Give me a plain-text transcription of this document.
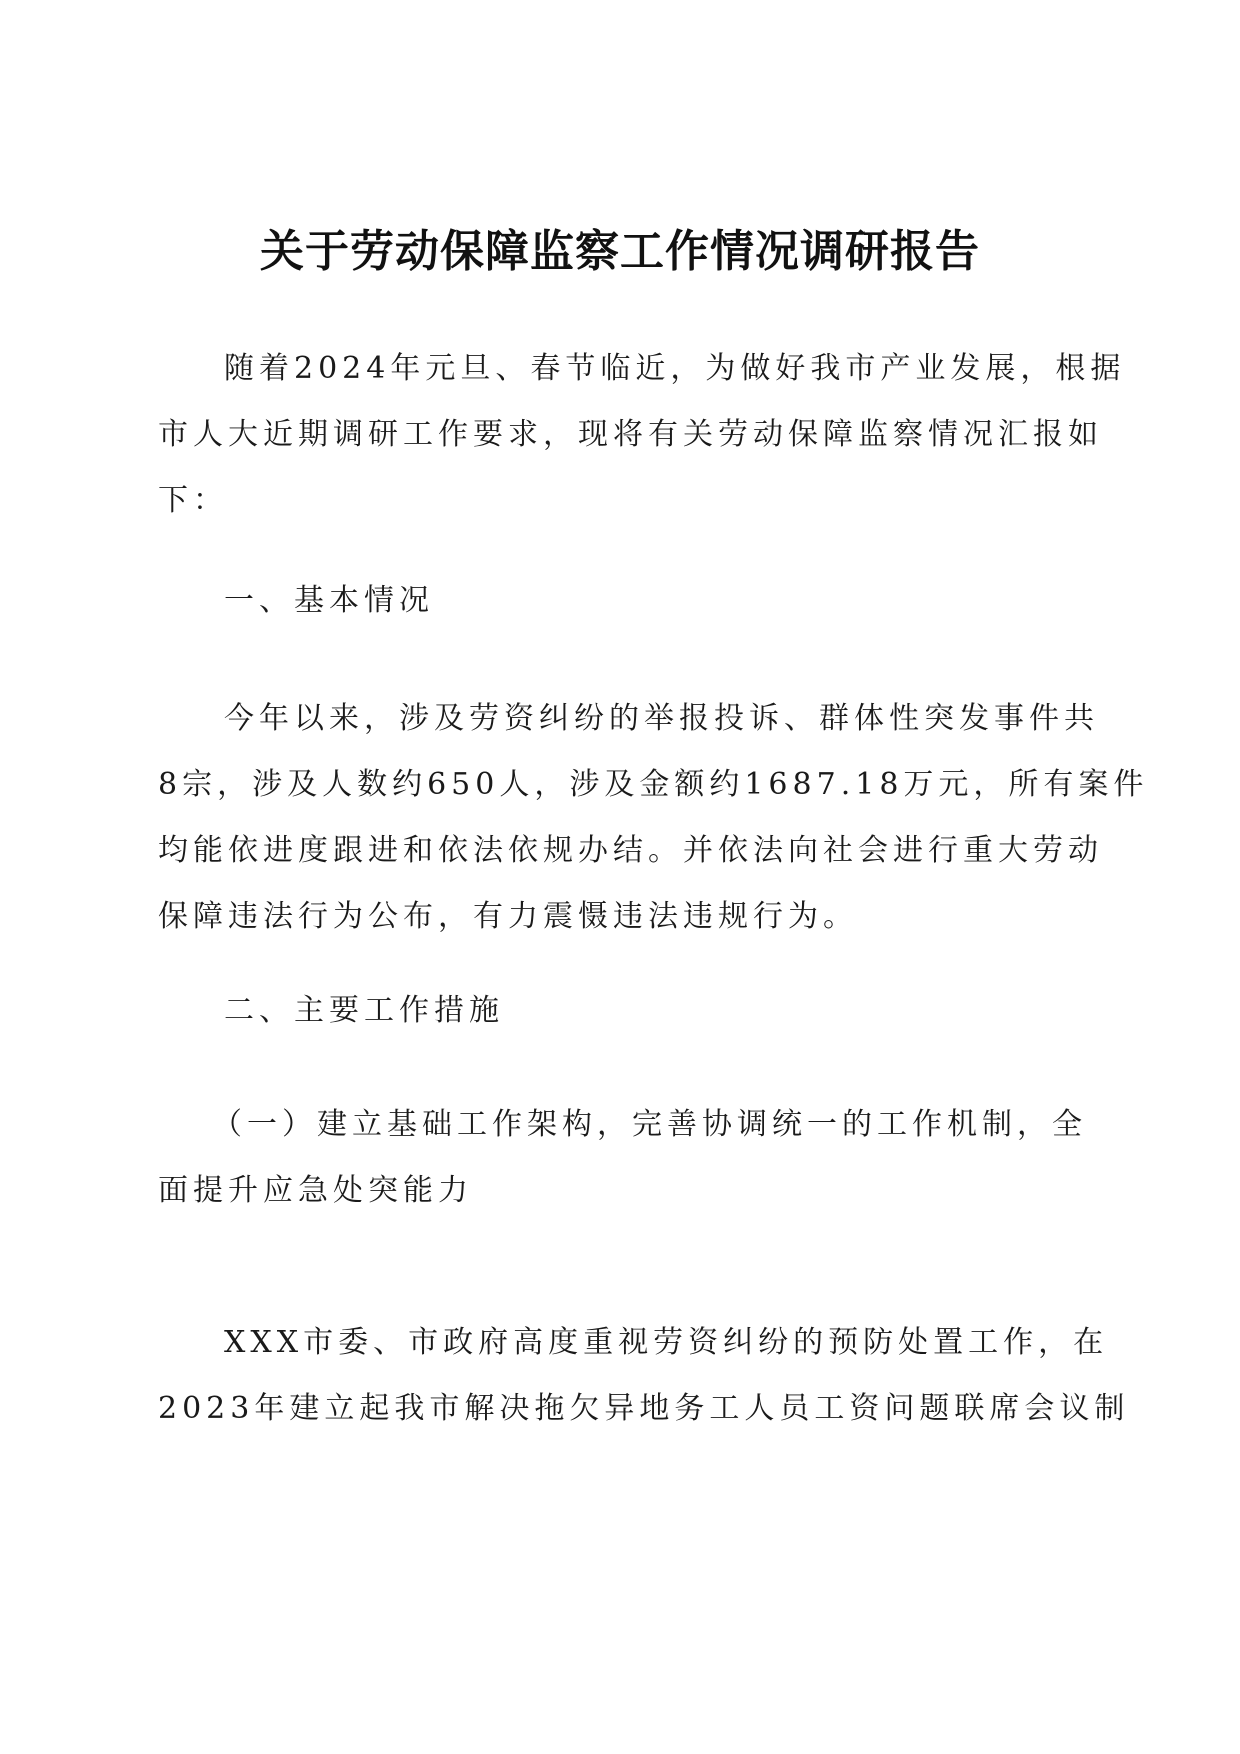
关于劳动保障监察工作情况调研报告

随着2024年元旦、春节临近，为做好我市产业发展，根据
市人大近期调研工作要求，现将有关劳动保障监察情况汇报如
下：

一、基本情况

今年以来，涉及劳资纠纷的举报投诉、群体性突发事件共
8宗，涉及人数约650人，涉及金额约1687.18万元，所有案件
均能依进度跟进和依法依规办结。并依法向社会进行重大劳动
保障违法行为公布，有力震慑违法违规行为。

二、主要工作措施

（一）建立基础工作架构，完善协调统一的工作机制，全
面提升应急处突能力

XXX市委、市政府高度重视劳资纠纷的预防处置工作，在
2023年建立起我市解决拖欠异地务工人员工资问题联席会议制
